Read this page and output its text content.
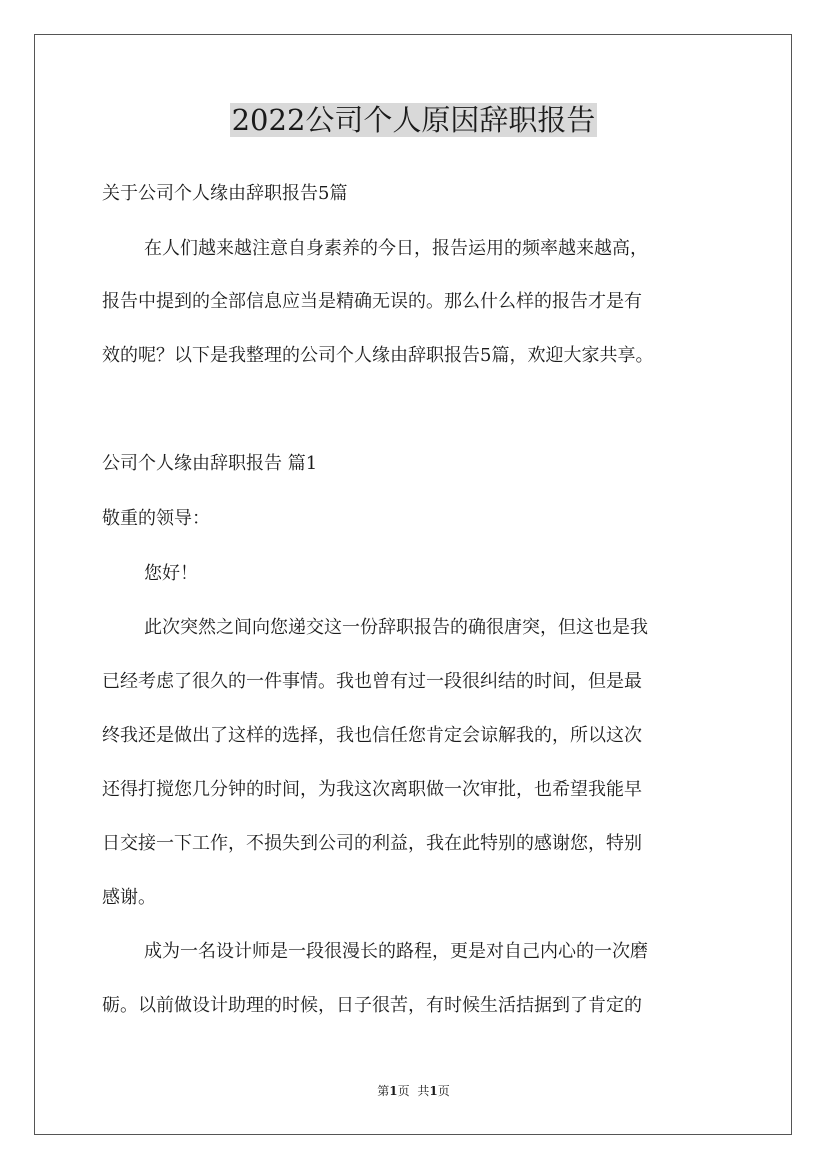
2022公司个人原因辞职报告
关于公司个人缘由辞职报告5篇
在人们越来越注意自身素养的今日，报告运用的频率越来越高，
报告中提到的全部信息应当是精确无误的。那么什么样的报告才是有
效的呢？以下是我整理的公司个人缘由辞职报告5篇，欢迎大家共享。
公司个人缘由辞职报告 篇1
敬重的领导：
您好！
此次突然之间向您递交这一份辞职报告的确很唐突，但这也是我
已经考虑了很久的一件事情。我也曾有过一段很纠结的时间，但是最
终我还是做出了这样的选择，我也信任您肯定会谅解我的，所以这次
还得打搅您几分钟的时间，为我这次离职做一次审批，也希望我能早
日交接一下工作，不损失到公司的利益，我在此特别的感谢您，特别
感谢。
成为一名设计师是一段很漫长的路程，更是对自己内心的一次磨
砺。以前做设计助理的时候，日子很苦，有时候生活拮据到了肯定的
第1页 共1页
